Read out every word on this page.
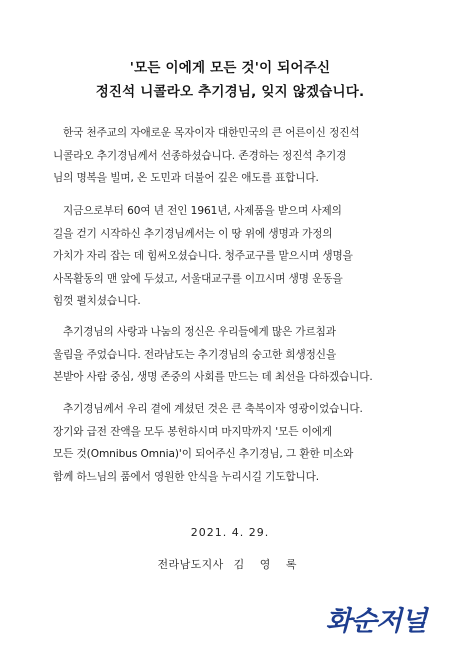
'모든 이에게 모든 것'이 되어주신
정진석 니콜라오 추기경님, 잊지 않겠습니다.

한국 천주교의 자애로운 목자이자 대한민국의 큰 어른이신 정진석
니콜라오 추기경님께서 선종하셨습니다. 존경하는 정진석 추기경
님의 명복을 빌며, 온 도민과 더불어 깊은 애도를 표합니다.

지금으로부터 60여 년 전인 1961년, 사제품을 받으며 사제의
길을 걷기 시작하신 추기경님께서는 이 땅 위에 생명과 가정의
가치가 자리 잡는 데 힘써오셨습니다. 청주교구를 맡으시며 생명을
사목활동의 맨 앞에 두셨고, 서울대교구를 이끄시며 생명 운동을
힘껏 펼치셨습니다.

추기경님의 사랑과 나눔의 정신은 우리들에게 많은 가르침과
울림을 주었습니다. 전라남도는 추기경님의 숭고한 희생정신을
본받아 사람 중심, 생명 존중의 사회를 만드는 데 최선을 다하겠습니다.

추기경님께서 우리 곁에 계셨던 것은 큰 축복이자 영광이었습니다.
장기와 급전 잔액을 모두 봉헌하시며 마지막까지 '모든 이에게
모든 것(Omnibus Omnia)'이 되어주신 추기경님, 그 환한 미소와
함께 하느님의 품에서 영원한 안식을 누리시길 기도합니다.

2021. 4. 29.
전라남도지사 김 영 록
화순저널
